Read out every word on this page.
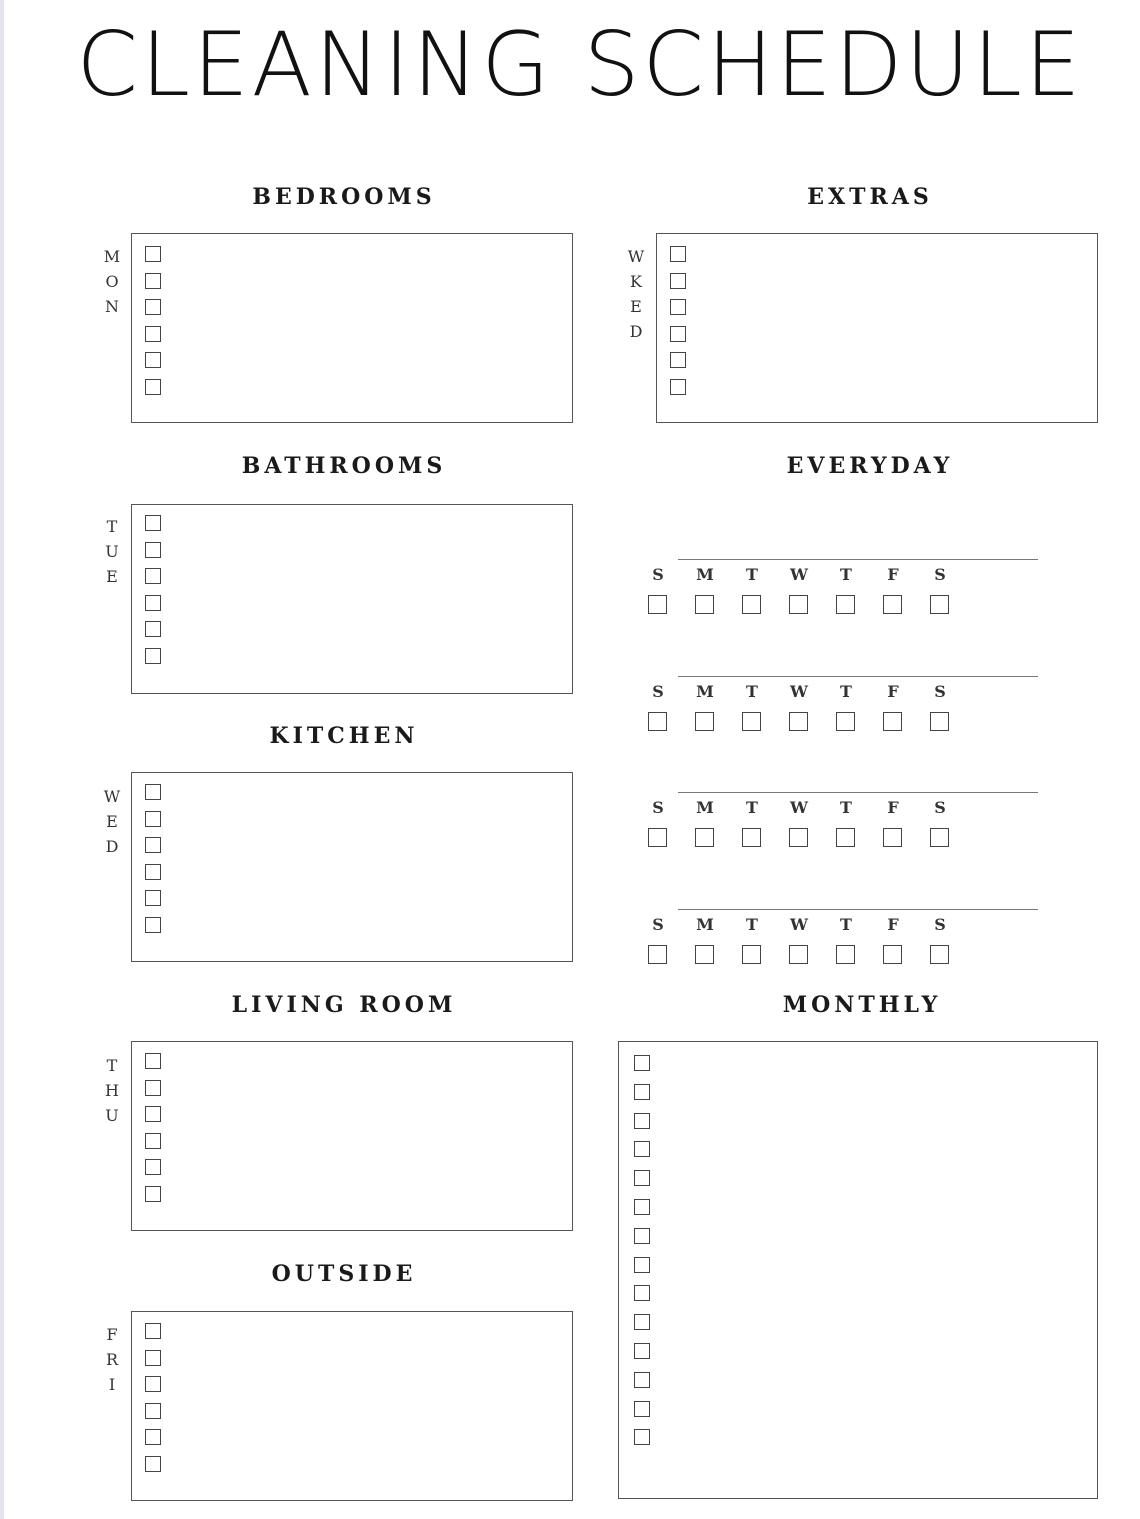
CLEANING SCHEDULE
BEDROOMS
BATHROOMS
KITCHEN
LIVING ROOM
OUTSIDE
EXTRAS
EVERYDAY
MONTHLY
M
O
N
T
U
E
W
E
D
T
H
U
F
R
I
W
K
E
D
S M T W T F S
S M T W T F S
S M T W T F S
S M T W T F S
